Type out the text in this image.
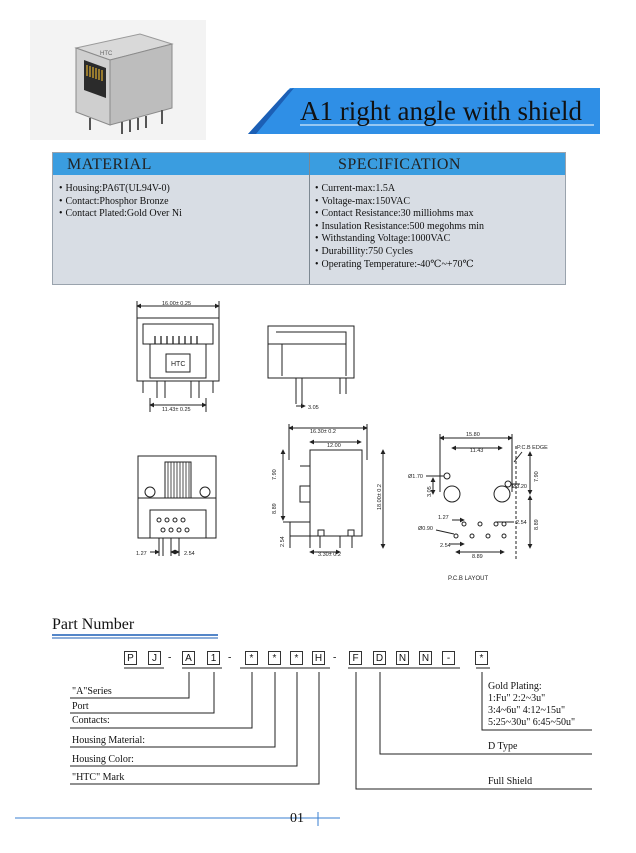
HTC
A1 right angle with shield
MATERIAL	SPECIFICATION
• Housing:PA6T(UL94V-0)
• Contact:Phosphor Bronze
• Contact Plated:Gold Over Ni
• Current-max:1.5A
• Voltage-max:150VAC
• Contact Resistance:30 milliohms max
• Insulation Resistance:500 megohms min
• Withstanding Voltage:1000VAC
• Durabillity:750 Cycles
• Operating Temperature:-40℃~+70℃
16.00± 0.25
11.43± 0.25
HTC
3.05
1.27	2.54
16.30± 0.2
12.00
7.90
8.89
2.54
18.00± 0.2
3.30± 0.2
15.80
11.43	P.C.B EDGE
Ø1.70
Ø3.20
Ø0.90
3.05
7.90
8.89
1.27
2.54
2.54
8.89
P.C.B LAYOUT
Part Number
P	J	-	A	1	-	*	*	*	H -	F	D N N	-	*
"A"Series
Port
Contacts:
Housing Material:
Housing Color:
"HTC" Mark
Gold Plating:
1:Fu" 2:2~3u"
3:4~6u" 4:12~15u"
5:25~30u" 6:45~50u"
D Type
Full Shield
01
